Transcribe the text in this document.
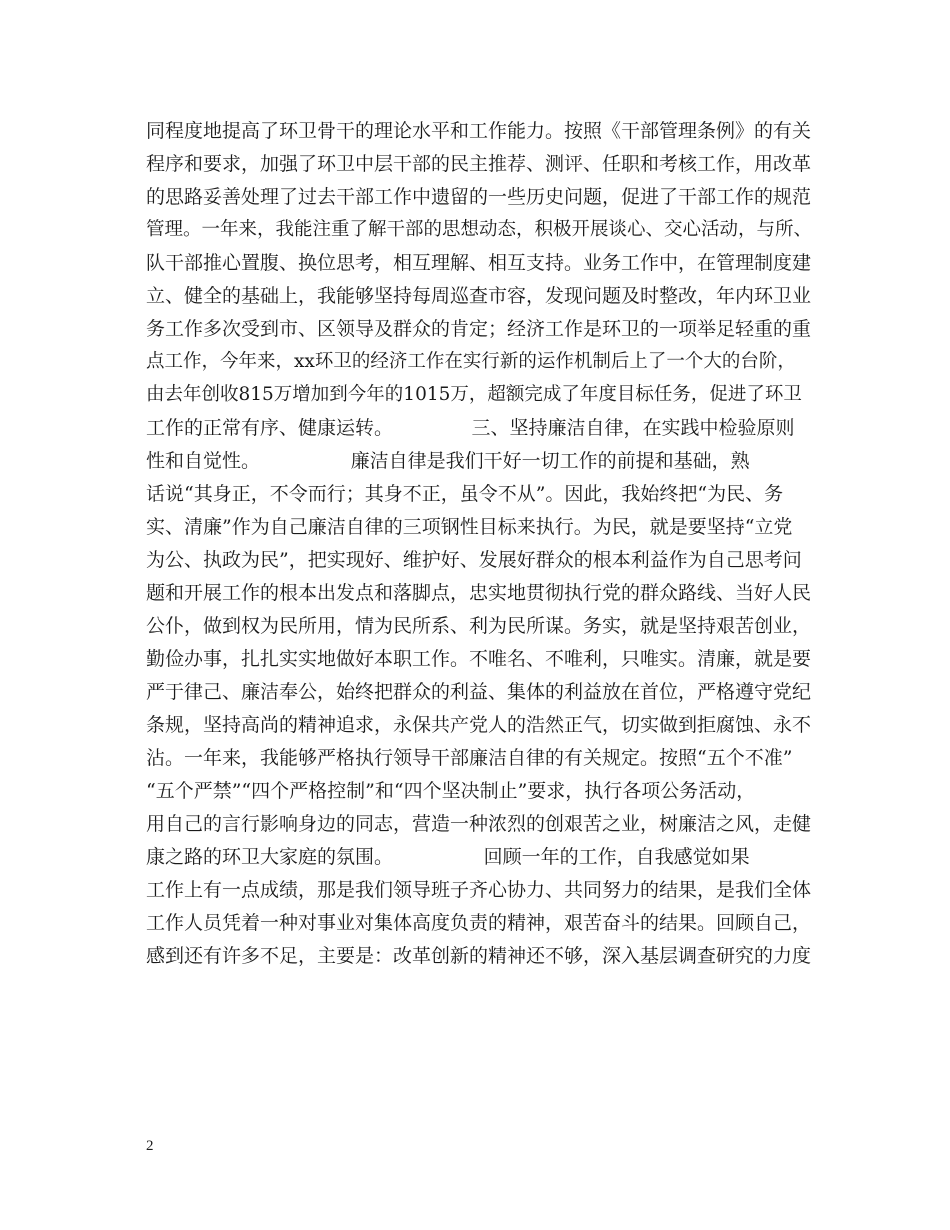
同程度地提高了环卫骨干的理论水平和工作能力。按照《干部管理条例》的有关
程序和要求，加强了环卫中层干部的民主推荐、测评、任职和考核工作，用改革
的思路妥善处理了过去干部工作中遗留的一些历史问题，促进了干部工作的规范
管理。一年来，我能注重了解干部的思想动态，积极开展谈心、交心活动，与所、
队干部推心置腹、换位思考，相互理解、相互支持。业务工作中，在管理制度建
立、健全的基础上，我能够坚持每周巡查市容，发现问题及时整改，年内环卫业
务工作多次受到市、区领导及群众的肯定；经济工作是环卫的一项举足轻重的重
点工作，今年来，xx环卫的经济工作在实行新的运作机制后上了一个大的台阶，
由去年创收815万增加到今年的1015万，超额完成了年度目标任务，促进了环卫
工作的正常有序、健康运转。             三、坚持廉洁自律，在实践中检验原则
性和自觉性。               廉洁自律是我们干好一切工作的前提和基础，熟
话说“其身正，不令而行；其身不正，虽令不从”。因此，我始终把“为民、务
实、清廉”作为自己廉洁自律的三项钢性目标来执行。为民，就是要坚持“立党
为公、执政为民”，把实现好、维护好、发展好群众的根本利益作为自己思考问
题和开展工作的根本出发点和落脚点，忠实地贯彻执行党的群众路线、当好人民
公仆，做到权为民所用，情为民所系、利为民所谋。务实，就是坚持艰苦创业，
勤俭办事，扎扎实实地做好本职工作。不唯名、不唯利，只唯实。清廉，就是要
严于律己、廉洁奉公，始终把群众的利益、集体的利益放在首位，严格遵守党纪
条规，坚持高尚的精神追求，永保共产党人的浩然正气，切实做到拒腐蚀、永不
沾。一年来，我能够严格执行领导干部廉洁自律的有关规定。按照“五个不准”
“五个严禁”“四个严格控制”和“四个坚决制止”要求，执行各项公务活动，
用自己的言行影响身边的同志，营造一种浓烈的创艰苦之业，树廉洁之风，走健
康之路的环卫大家庭的氛围。               回顾一年的工作，自我感觉如果
工作上有一点成绩，那是我们领导班子齐心协力、共同努力的结果，是我们全体
工作人员凭着一种对事业对集体高度负责的精神，艰苦奋斗的结果。回顾自己，
感到还有许多不足，主要是：改革创新的精神还不够，深入基层调查研究的力度
2
